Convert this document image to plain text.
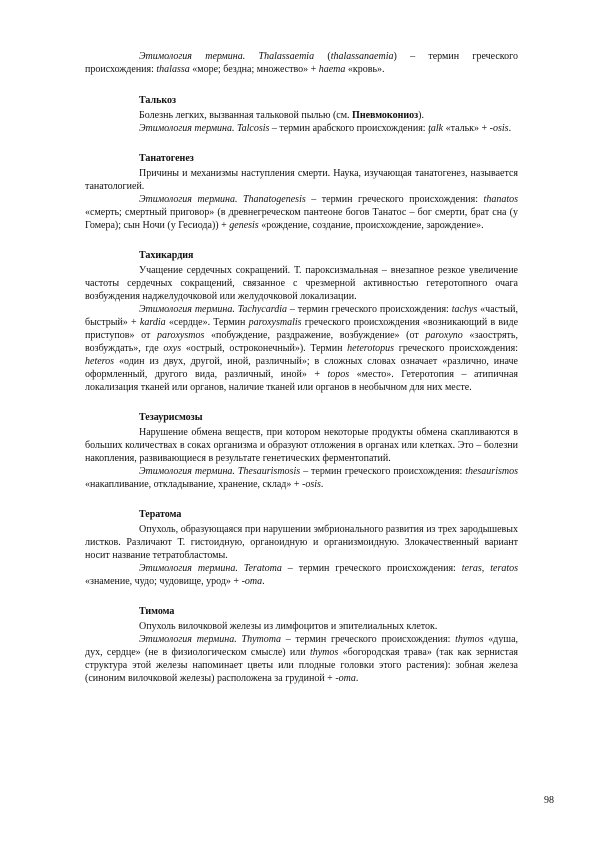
Этимология термина. Thalassaemia (thalassanaemia) – термин греческого происхождения: thalassa «море; бездна; множество» + haema «кровь».

Талькоз

Болезнь легких, вызванная тальковой пылью (см. Пневмокониоз).

Этимология термина. Talcosis – термин арабского происхождения: ţalk «тальк» + -osis.

Танатогенез

Причины и механизмы наступления смерти. Наука, изучающая танатогенез, называется танатологией.

Этимология термина. Thanatogenesis – термин греческого происхождения: thanatos «смерть; смертный приговор» (в древнегреческом пантеоне богов Танатос – бог смерти, брат сна (у Гомера); сын Ночи (у Гесиода)) + genesis «рождение, создание, происхождение, зарождение».

Тахикардия

Учащение сердечных сокращений. Т. пароксизмальная – внезапное резкое увеличение частоты сердечных сокращений, связанное с чрезмерной активностью гетеротопного очага возбуждения наджелудочковой или желудочковой локализации.

Этимология термина. Tachycardia – термин греческого происхождения: tachys «частый, быстрый» + kardia «сердце». Термин paroxysmalis греческого происхождения «возникающий в виде приступов» от paroxysmos «побуждение, раздражение, возбуждение» (от paroxyno «заострять, возбуждать», где oxys «острый, остроконечный»). Термин heterotopus греческого происхождения: heteros «один из двух, другой, иной, различный»; в сложных словах означает «различно, иначе оформленный, другого вида, различный, иной» + topos «место». Гетеротопия – атипичная локализация тканей или органов, наличие тканей или органов в необычном для них месте.

Тезаурисмозы

Нарушение обмена веществ, при котором некоторые продукты обмена скапливаются в больших количествах в соках организма и образуют отложения в органах или клетках. Это – болезни накопления, развивающиеся в результате генетических ферментопатий.

Этимология термина. Thesaurismosis – термин греческого происхождения: thesaurismos «накапливание, откладывание, хранение, склад» + -osis.

Тератома

Опухоль, образующаяся при нарушении эмбрионального развития из трех зародышевых листков. Различают Т. гистоидную, органоидную и организмоидную. Злокачественный вариант носит название тетратобластомы.

Этимология термина. Teratoma – термин греческого происхождения: teras, teratos «знамение, чудо; чудовище, урод» + -oma.

Тимома

Опухоль вилочковой железы из лимфоцитов и эпителиальных клеток.

Этимология термина. Thymoma – термин греческого происхождения: thymos «душа, дух, сердце» (не в физиологическом смысле) или thymos «богородская трава» (так как зернистая структура этой железы напоминает цветы или плодные головки этого растения): зобная железа (синоним вилочковой железы) расположена за грудиной + -oma.

98
